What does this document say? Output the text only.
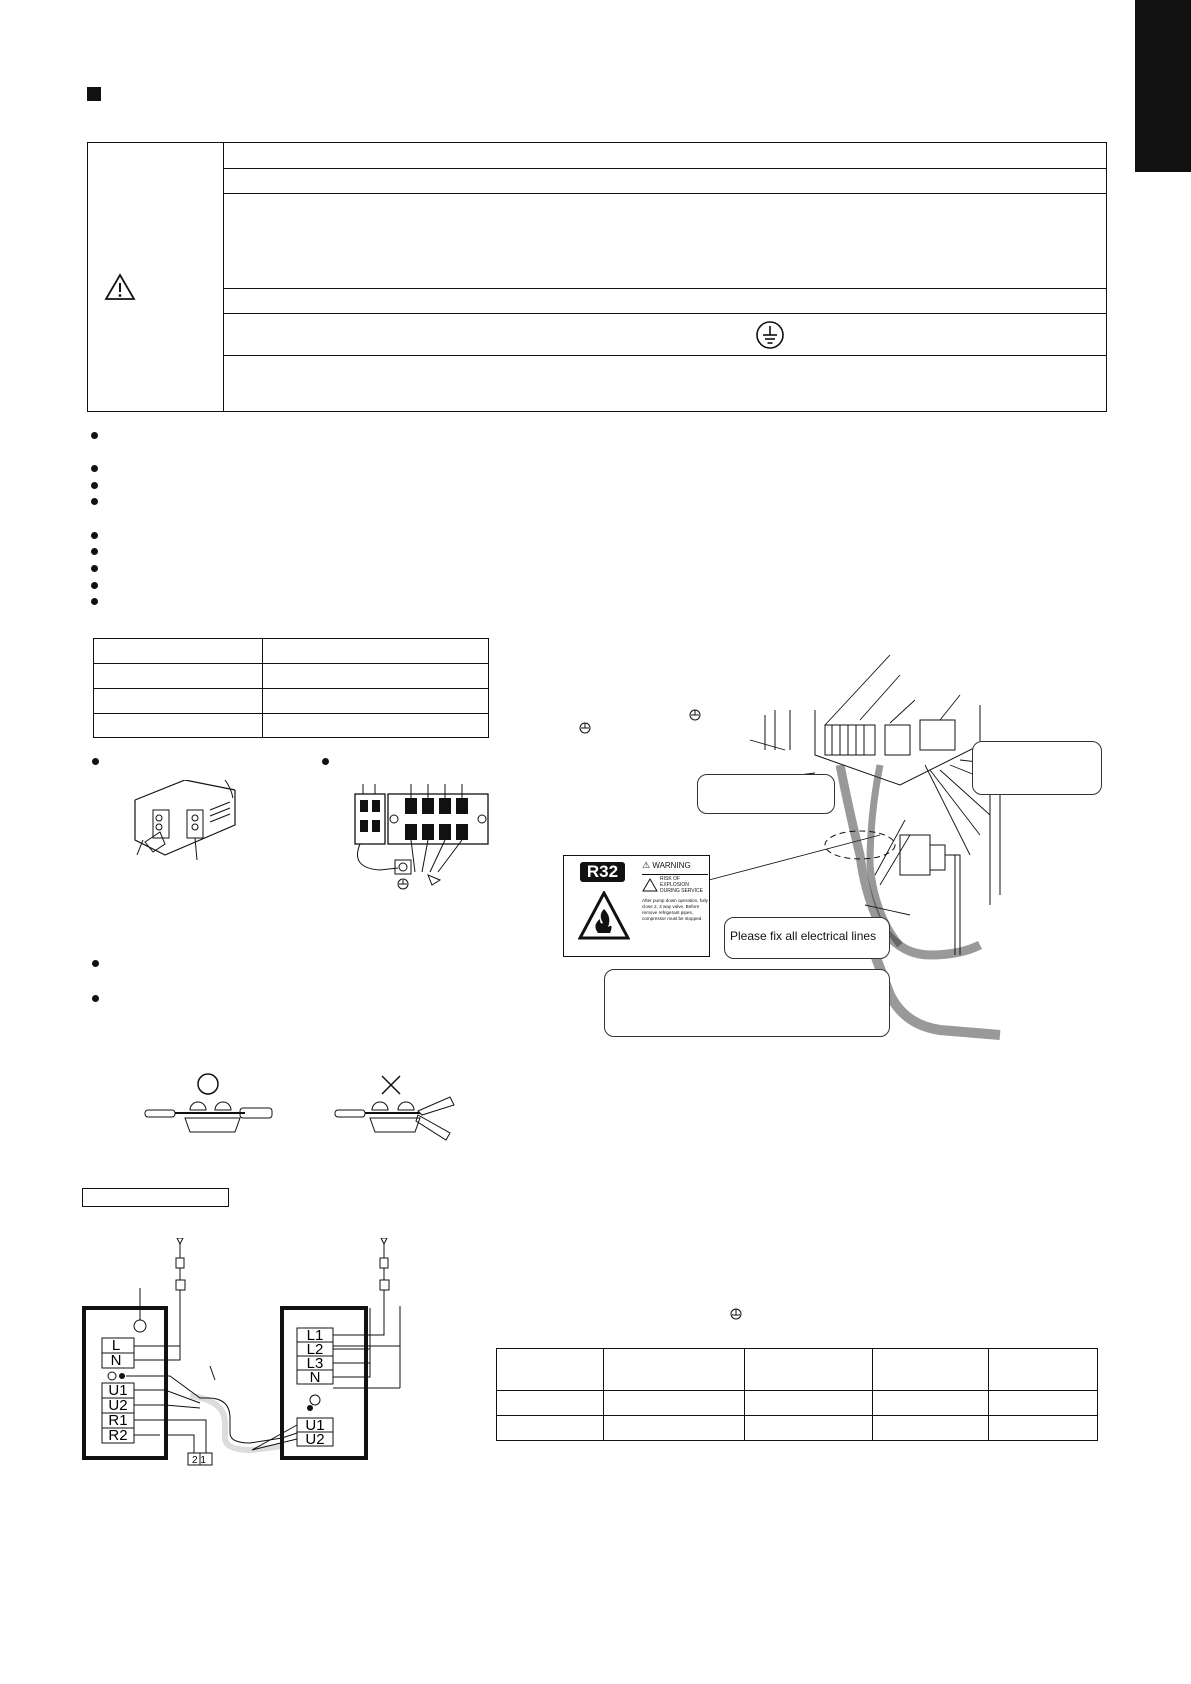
L
N
U1
U2
R1
R2
L1
L2
L3
N
U1
U2
2 1
R32	⚠ WARNING
RISK OF EXPLOSION DURING SERVICE
After pump down operation, fully close 2, 3 way valve. Before remove refrigerant pipes, compressor must be stopped.
Please fix all electrical lines
